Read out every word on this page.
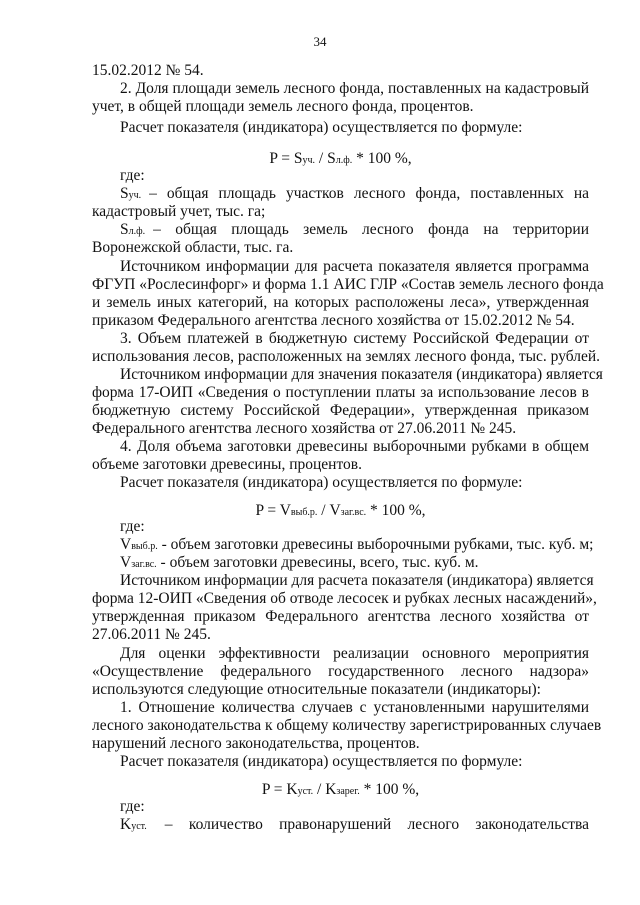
34
15.02.2012 № 54.
2. Доля площади земель лесного фонда, поставленных на кадастровый
учет, в общей площади земель лесного фонда, процентов.
Расчет показателя (индикатора) осуществляется по формуле:
P = Sуч. / Sл.ф. * 100 %,
где:
Sуч. – общая площадь участков лесного фонда, поставленных на
кадастровый учет, тыс. га;
Sл.ф. – общая площадь земель лесного фонда на территории
Воронежской области, тыс. га.
Источником информации для расчета показателя является программа
ФГУП «Рослесинфорг» и форма 1.1 АИС ГЛР «Состав земель лесного фонда
и земель иных категорий, на которых расположены леса», утвержденная
приказом Федерального агентства лесного хозяйства от 15.02.2012 № 54.
3. Объем платежей в бюджетную систему Российской Федерации от
использования лесов, расположенных на землях лесного фонда, тыс. рублей.
Источником информации для значения показателя (индикатора) является
форма 17-ОИП «Сведения о поступлении платы за использование лесов в
бюджетную систему Российской Федерации», утвержденная приказом
Федерального агентства лесного хозяйства от 27.06.2011 № 245.
4. Доля объема заготовки древесины выборочными рубками в общем
объеме заготовки древесины, процентов.
Расчет показателя (индикатора) осуществляется по формуле:
P = Vвыб.р. / Vзаг.вс. * 100 %,
где:
Vвыб.р. - объем заготовки древесины выборочными рубками, тыс. куб. м;
Vзаг.вс. - объем заготовки древесины, всего, тыс. куб. м.
Источником информации для расчета показателя (индикатора) является
форма 12-ОИП «Сведения об отводе лесосек и рубках лесных насаждений»,
утвержденная приказом Федерального агентства лесного хозяйства от
27.06.2011 № 245.
Для оценки эффективности реализации основного мероприятия
«Осуществление федерального государственного лесного надзора»
используются следующие относительные показатели (индикаторы):
1. Отношение количества случаев с установленными нарушителями
лесного законодательства к общему количеству зарегистрированных случаев
нарушений лесного законодательства, процентов.
Расчет показателя (индикатора) осуществляется по формуле:
P = Kуст. / Kзарег. * 100 %,
где:
Kуст.	– количество правонарушений лесного законодательства
